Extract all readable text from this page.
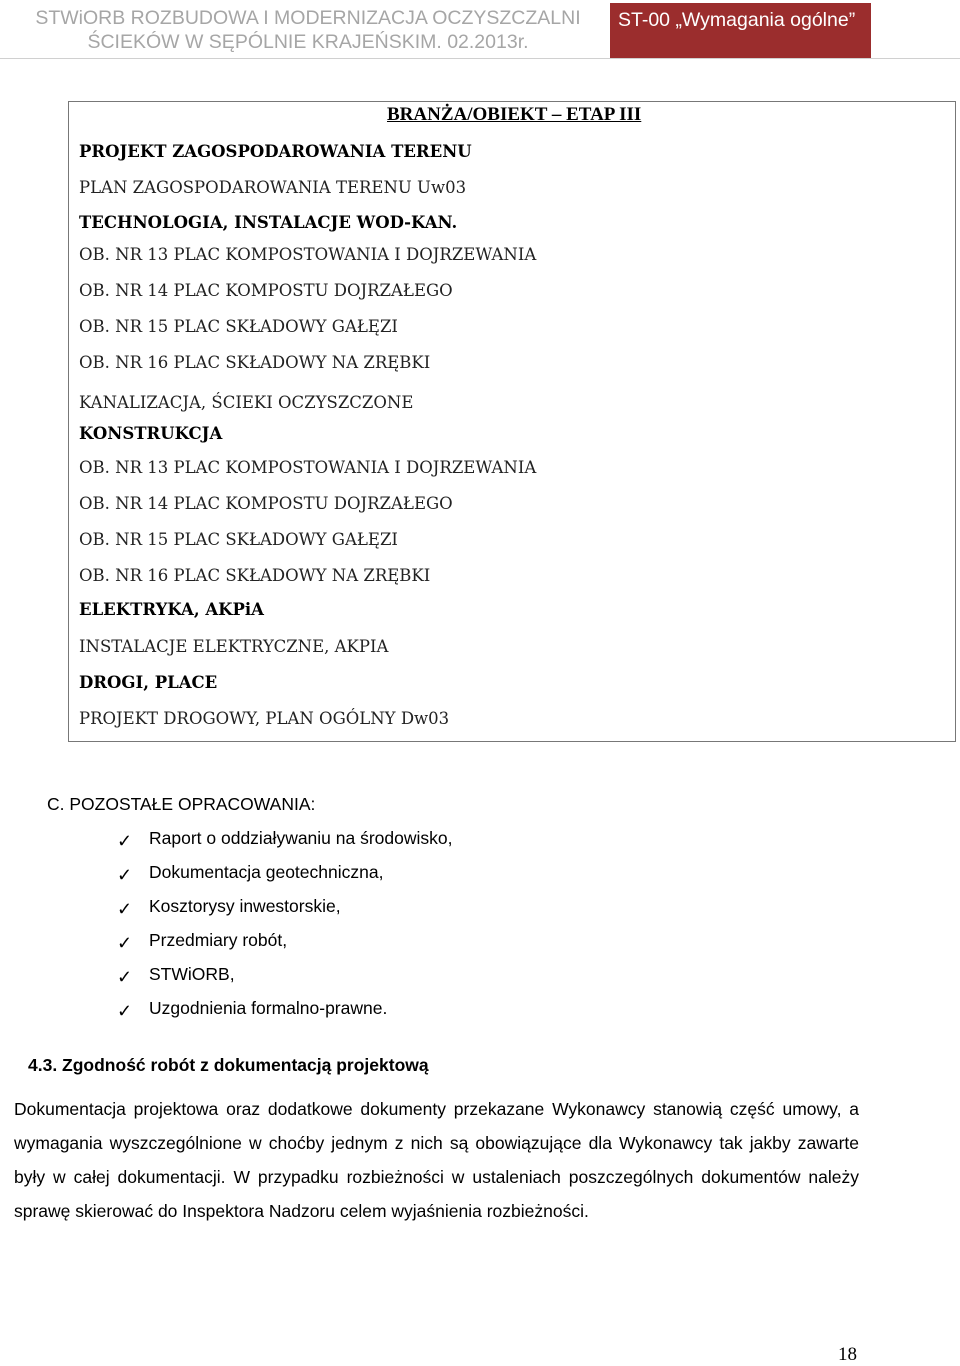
STWiORB ROZBUDOWA I MODERNIZACJA OCZYSZCZALNI
ŚCIEKÓW W SĘPÓLNIE KRAJEŃSKIM. 02.2013r.
ST-00 „Wymagania ogólne”
BRANŻA/OBIEKT – ETAP III
PROJEKT ZAGOSPODAROWANIA TERENU
PLAN ZAGOSPODAROWANIA TERENU Uw03
TECHNOLOGIA, INSTALACJE WOD-KAN.
OB. NR 13 PLAC KOMPOSTOWANIA I DOJRZEWANIA
OB. NR 14 PLAC KOMPOSTU DOJRZAŁEGO
OB. NR 15 PLAC SKŁADOWY GAŁĘZI
OB. NR 16 PLAC SKŁADOWY NA ZRĘBKI
KANALIZACJA, ŚCIEKI OCZYSZCZONE
KONSTRUKCJA
OB. NR 13 PLAC KOMPOSTOWANIA I DOJRZEWANIA
OB. NR 14 PLAC KOMPOSTU DOJRZAŁEGO
OB. NR 15 PLAC SKŁADOWY GAŁĘZI
OB. NR 16 PLAC SKŁADOWY NA ZRĘBKI
ELEKTRYKA, AKPiA
INSTALACJE ELEKTRYCZNE, AKPIA
DROGI, PLACE
PROJEKT DROGOWY, PLAN OGÓLNY Dw03
C. POZOSTAŁE OPRACOWANIA:
✓ Raport o oddziaływaniu na środowisko,
✓ Dokumentacja geotechniczna,
✓ Kosztorysy inwestorskie,
✓ Przedmiary robót,
✓ STWiORB,
✓ Uzgodnienia formalno-prawne.
4.3. Zgodność robót z dokumentacją projektową
Dokumentacja projektowa oraz dodatkowe dokumenty przekazane Wykonawcy stanowią część umowy, a wymagania wyszczególnione w choćby jednym z nich są obowiązujące dla Wykonawcy tak jakby zawarte były w całej dokumentacji. W przypadku rozbieżności w ustaleniach poszczególnych dokumentów należy sprawę skierować do Inspektora Nadzoru celem wyjaśnienia rozbieżności.
18
